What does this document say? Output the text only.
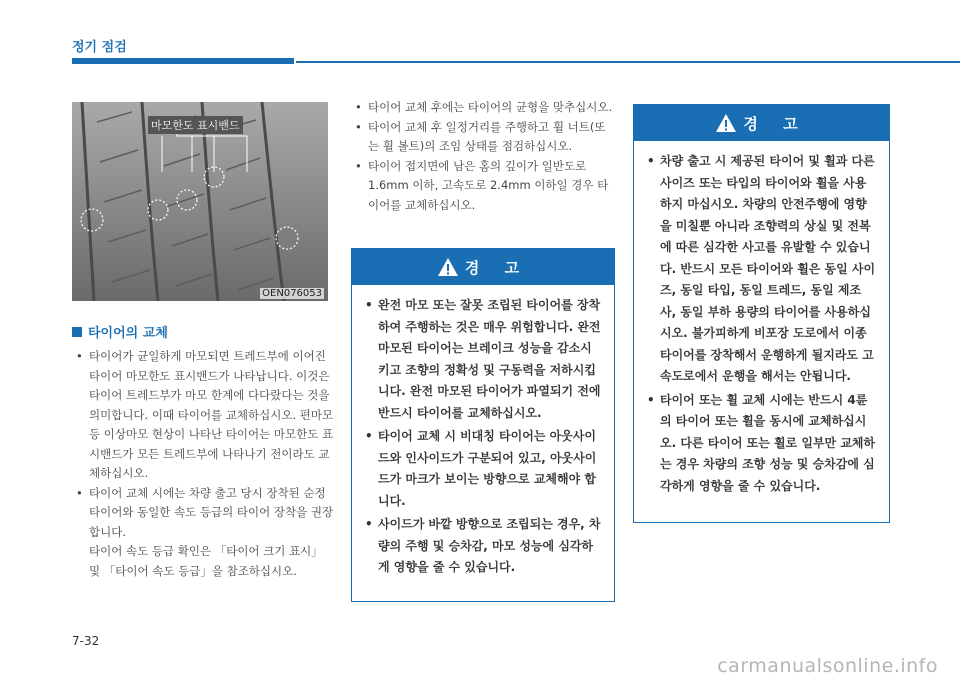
정기 점검
마모한도 표시밴드
OEN076053
타이어의 교체
• 타이어가 균일하게 마모되면 트레드부에 이어진 타이어 마모한도 표시밴드가 나타납니다. 이것은 타이어 트레드부가 마모 한계에 다다랐다는 것을 의미합니다. 이때 타이어를 교체하십시오. 편마모등 이상마모 현상이 나타난 타이어는 마모한도 표시밴드가 모든 트레드부에 나타나기 전이라도 교체하십시오.
• 타이어 교체 시에는 차량 출고 당시 장착된 순정 타이어와 동일한 속도 등급의 타이어 장착을 권장합니다.
타이어 속도 등급 확인은 「타이어 크기 표시」 및 「타이어 속도 등급」을 참조하십시오.
• 타이어 교체 후에는 타이어의 균형을 맞추십시오.
• 타이어 교체 후 일정거리를 주행하고 휠 너트(또는 휠 볼트)의 조임 상태를 점검하십시오.
• 타이어 접지면에 남은 홈의 깊이가 일반도로 1.6mm 이하, 고속도로 2.4mm 이하일 경우 타이어를 교체하십시오.
경 고
• 완전 마모 또는 잘못 조립된 타이어를 장착하여 주행하는 것은 매우 위험합니다. 완전 마모된 타이어는 브레이크 성능을 감소시키고 조향의 정확성 및 구동력을 저하시킵니다. 완전 마모된 타이어가 파열되기 전에 반드시 타이어를 교체하십시오.
• 타이어 교체 시 비대칭 타이어는 아웃사이드와 인사이드가 구분되어 있고, 아웃사이드가 마크가 보이는 방향으로 교체해야 합니다.
• 사이드가 바깥 방향으로 조립되는 경우, 차량의 주행 및 승차감, 마모 성능에 심각하게 영향을 줄 수 있습니다.
경 고
• 차량 출고 시 제공된 타이어 및 휠과 다른 사이즈 또는 타입의 타이어와 휠을 사용하지 마십시오. 차량의 안전주행에 영향을 미칠뿐 아니라 조향력의 상실 및 전복에 따른 심각한 사고를 유발할 수 있습니다. 반드시 모든 타이어와 휠은 동일 사이즈, 동일 타입, 동일 트레드, 동일 제조사, 동일 부하 용량의 타이어를 사용하십시오. 불가피하게 비포장 도로에서 이종 타이어를 장착해서 운행하게 될지라도 고속도로에서 운행을 해서는 안됩니다.
• 타이어 또는 휠 교체 시에는 반드시 4륜의 타이어 또는 휠을 동시에 교체하십시오. 다른 타이어 또는 휠로 일부만 교체하는 경우 차량의 조향 성능 및 승차감에 심각하게 영향을 줄 수 있습니다.
7-32
carmanualsonline.info
